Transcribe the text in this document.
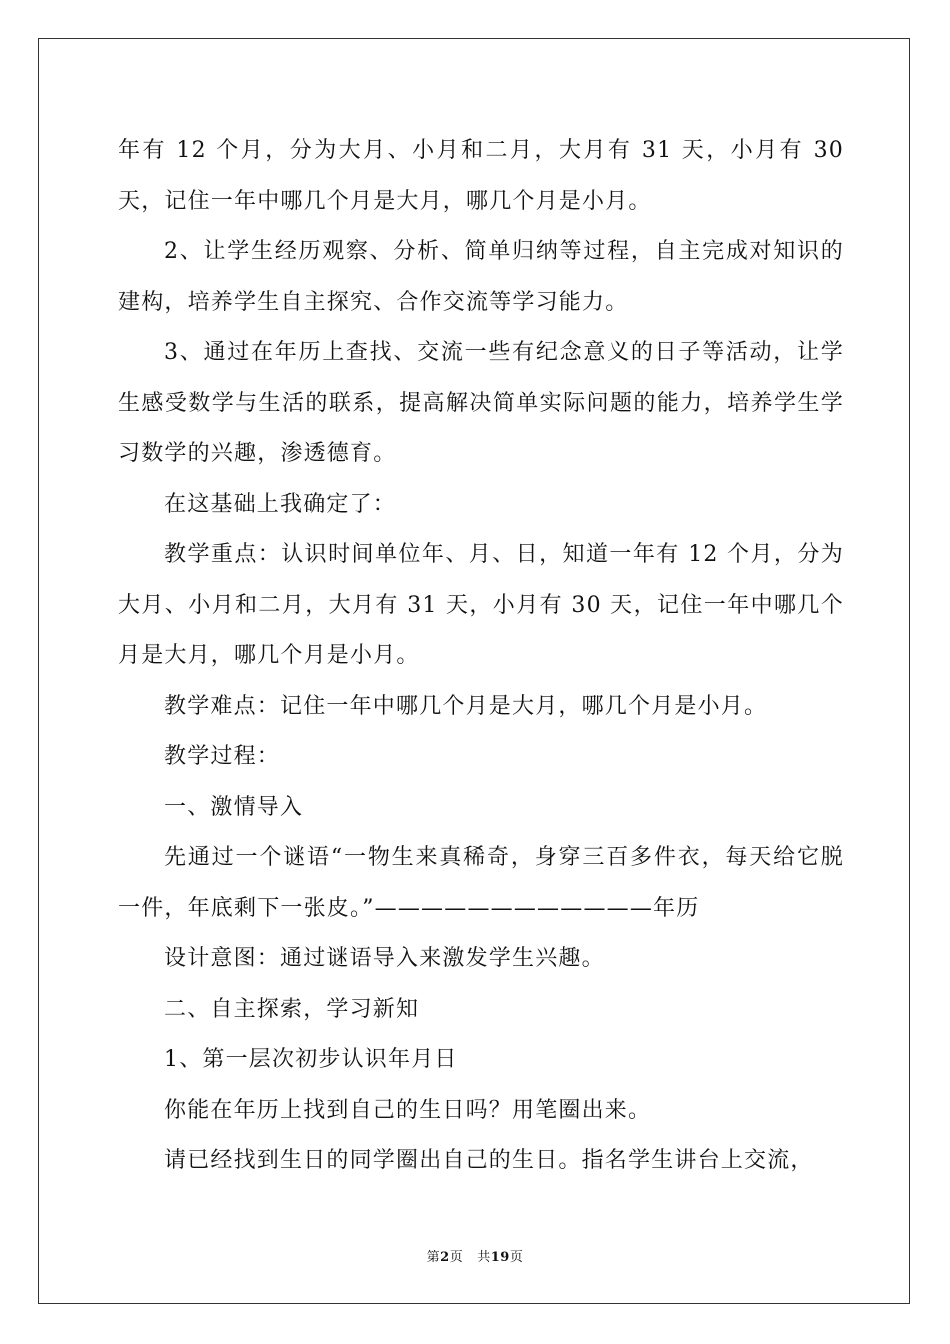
年有 12 个月，分为大月、小月和二月，大月有 31 天，小月有 30 天，记住一年中哪几个月是大月，哪几个月是小月。

2、让学生经历观察、分析、简单归纳等过程，自主完成对知识的建构，培养学生自主探究、合作交流等学习能力。

3、通过在年历上查找、交流一些有纪念意义的日子等活动，让学生感受数学与生活的联系，提高解决简单实际问题的能力，培养学生学习数学的兴趣，渗透德育。

在这基础上我确定了：

教学重点：认识时间单位年、月、日，知道一年有 12 个月，分为大月、小月和二月，大月有 31 天，小月有 30 天，记住一年中哪几个月是大月，哪几个月是小月。

教学难点：记住一年中哪几个月是大月，哪几个月是小月。

教学过程：

一、激情导入

先通过一个谜语“一物生来真稀奇，身穿三百多件衣，每天给它脱一件，年底剩下一张皮。”————————————年历

设计意图：通过谜语导入来激发学生兴趣。

二、自主探索，学习新知

1、第一层次初步认识年月日

你能在年历上找到自己的生日吗？用笔圈出来。

请已经找到生日的同学圈出自己的生日。指名学生讲台上交流，

第2页 共19页
